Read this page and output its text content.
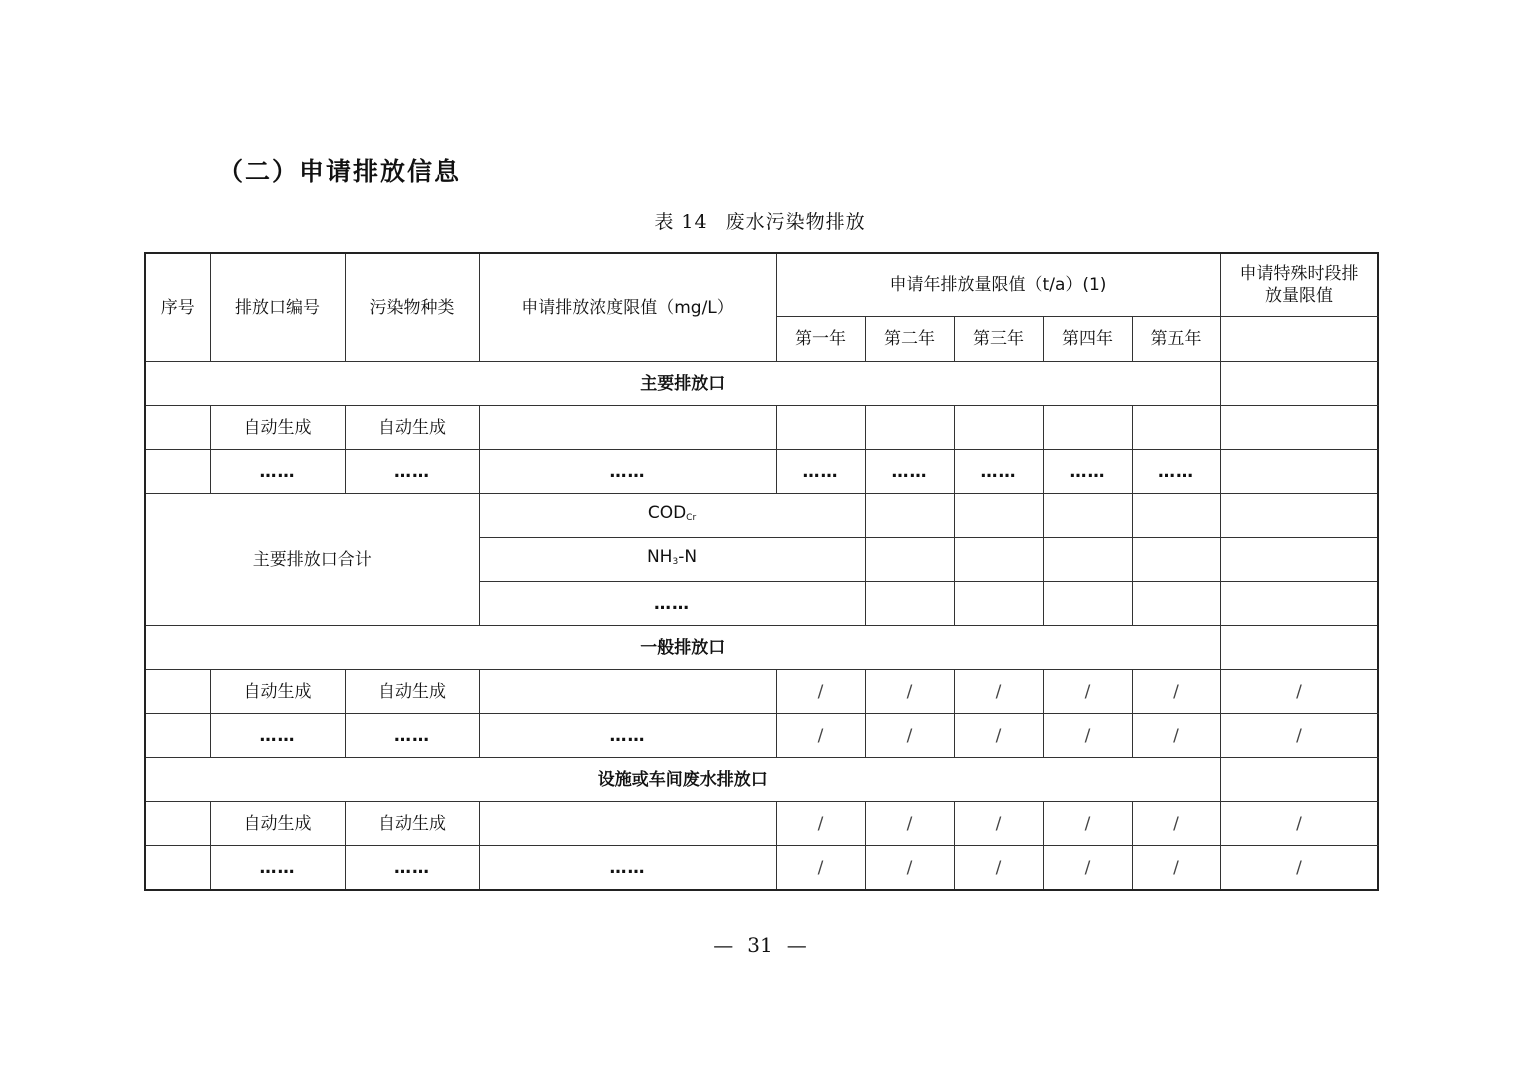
（二）申请排放信息
表 14 废水污染物排放
序号	排放口编号	污染物种类	申请排放浓度限值（mg/L）	申请年排放量限值（t/a）(1)					申请特殊时段排放量限值	
				第一年	第二年	第三年	第四年	第五年		
主要排放口										
	自动生成	自动生成								
	……	……	……	……	……	……	……	……		
主要排放口合计			$COD_{Cr}$						
			$NH_3-N$							
			……							
一般排放口										
	自动生成	自动生成		/	/	/	/	/	/	
	……	……	……	/	/	/	/	/	/	
设施或车间废水排放口										
	自动生成	自动生成		/	/	/	/	/	/	
	……	……	……	/	/	/	/	/	/	
— 31 —
